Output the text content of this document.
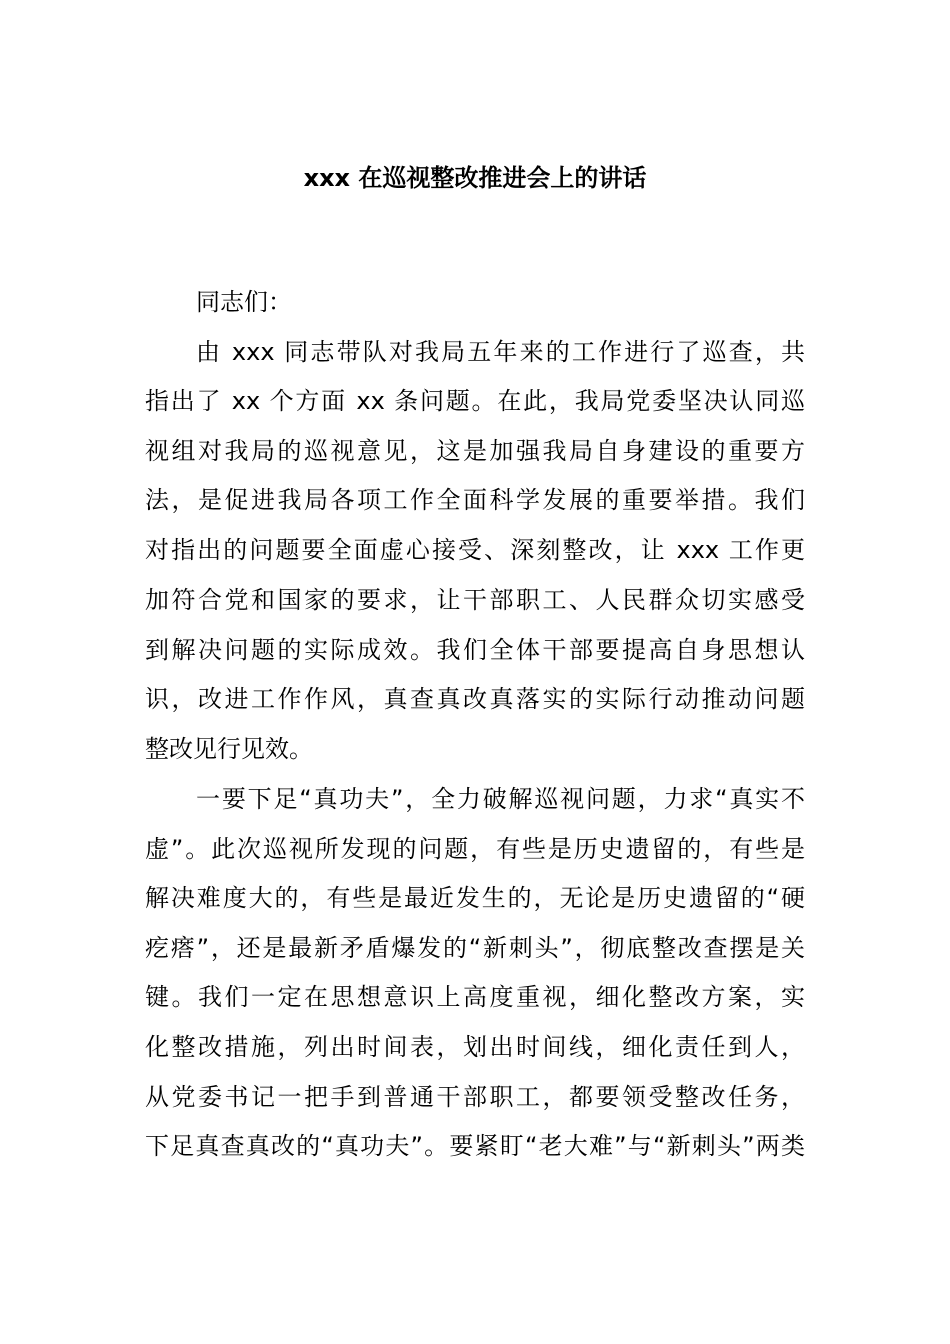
xxx 在巡视整改推进会上的讲话
同志们：
由 xxx 同志带队对我局五年来的工作进行了巡查，共
指出了 xx 个方面 xx 条问题。在此，我局党委坚决认同巡
视组对我局的巡视意见，这是加强我局自身建设的重要方
法，是促进我局各项工作全面科学发展的重要举措。我们
对指出的问题要全面虚心接受、深刻整改，让 xxx 工作更
加符合党和国家的要求，让干部职工、人民群众切实感受
到解决问题的实际成效。我们全体干部要提高自身思想认
识，改进工作作风，真查真改真落实的实际行动推动问题
整改见行见效。
一要下足“真功夫”，全力破解巡视问题，力求“真实不
虚”。此次巡视所发现的问题，有些是历史遗留的，有些是
解决难度大的，有些是最近发生的，无论是历史遗留的“硬
疙瘩”，还是最新矛盾爆发的“新刺头”，彻底整改查摆是关
键。我们一定在思想意识上高度重视，细化整改方案，实
化整改措施，列出时间表，划出时间线，细化责任到人，
从党委书记一把手到普通干部职工，都要领受整改任务，
下足真查真改的“真功夫”。要紧盯“老大难”与“新刺头”两类
